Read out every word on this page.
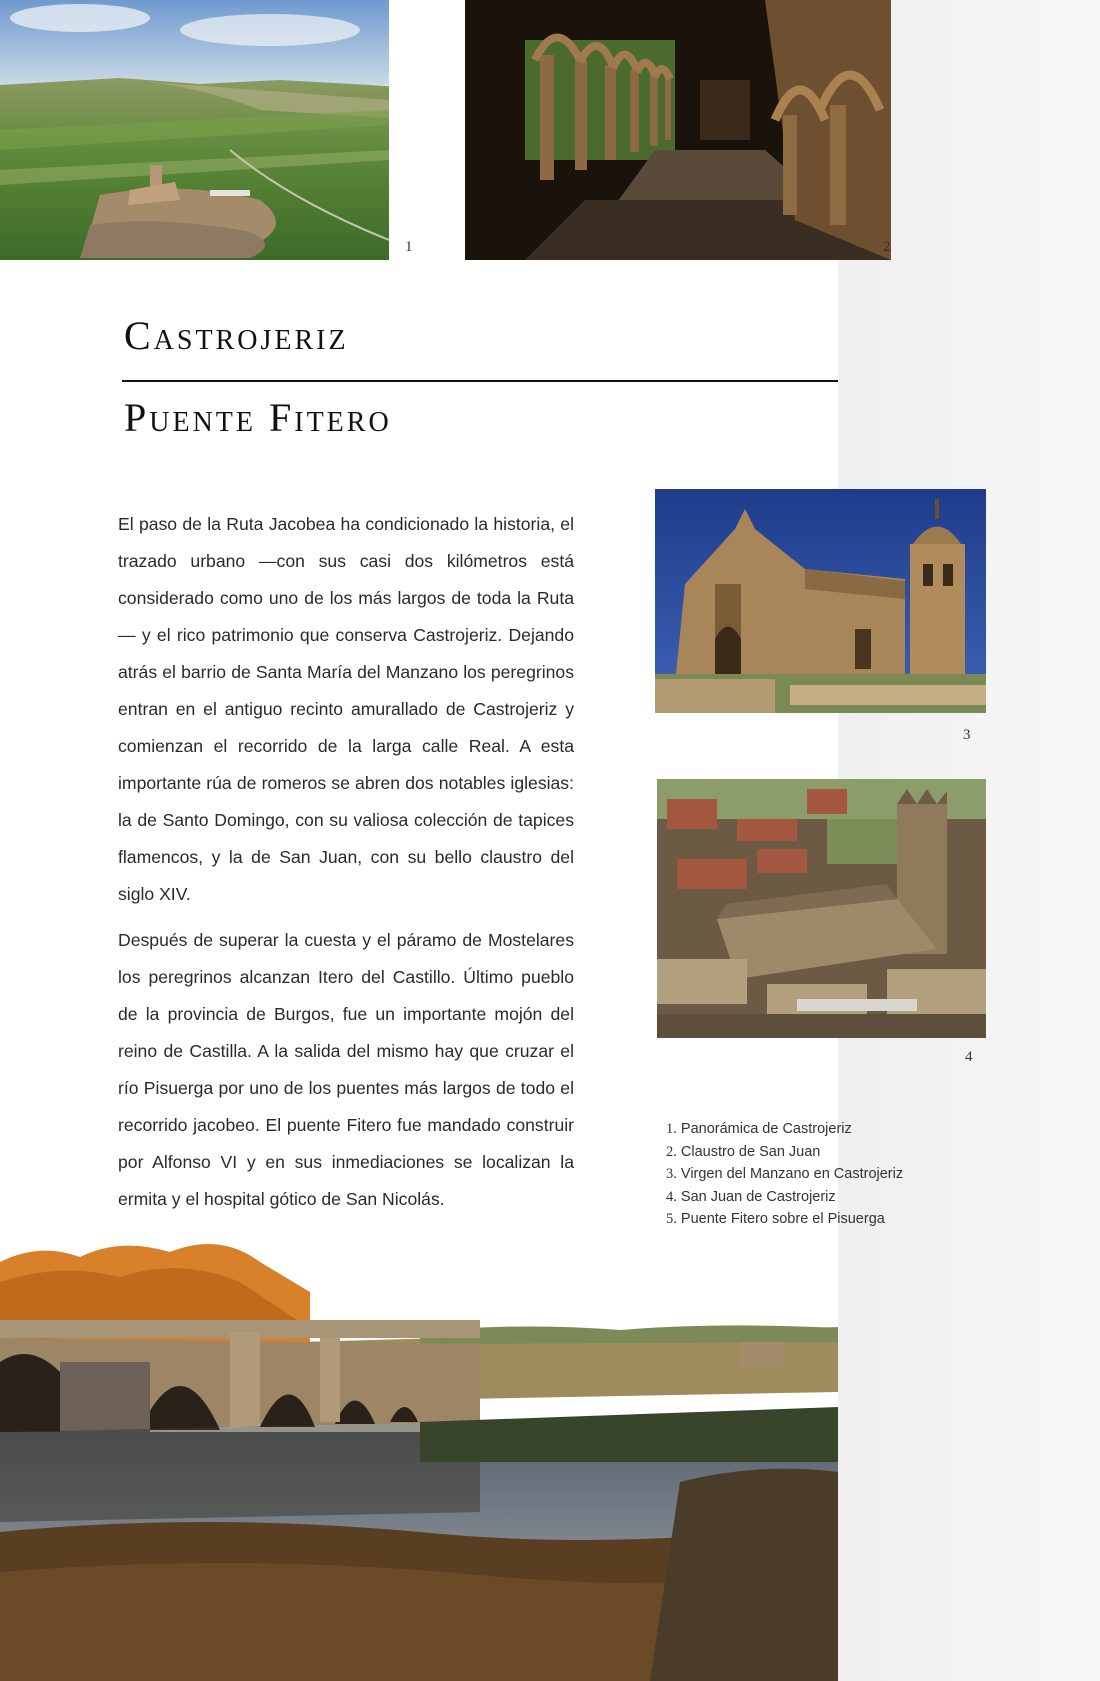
1	2
Castrojeriz
Puente Fitero

El paso de la Ruta Jacobea ha condicionado la historia, el trazado urbano —con sus casi dos kilómetros está considerado como uno de los más largos de toda la Ruta— y el rico patrimonio que conserva Castrojeriz. Dejando atrás el barrio de Santa María del Manzano los peregrinos entran en el antiguo recinto amurallado de Castrojeriz y comienzan el recorrido de la larga calle Real. A esta importante rúa de romeros se abren dos notables iglesias: la de Santo Domingo, con su valiosa colección de tapices flamencos, y la de San Juan, con su bello claustro del siglo XIV.

Después de superar la cuesta y el páramo de Mostelares los peregrinos alcanzan Itero del Castillo. Último pueblo de la provincia de Burgos, fue un importante mojón del reino de Castilla. A la salida del mismo hay que cruzar el río Pisuerga por uno de los puentes más largos de todo el recorrido jacobeo. El puente Fitero fue mandado construir por Alfonso VI y en sus inmediaciones se localizan la ermita y el hospital gótico de San Nicolás.

3
4
1. Panorámica de Castrojeriz
2. Claustro de San Juan
3. Virgen del Manzano en Castrojeriz
4. San Juan de Castrojeriz
5. Puente Fitero sobre el Pisuerga
